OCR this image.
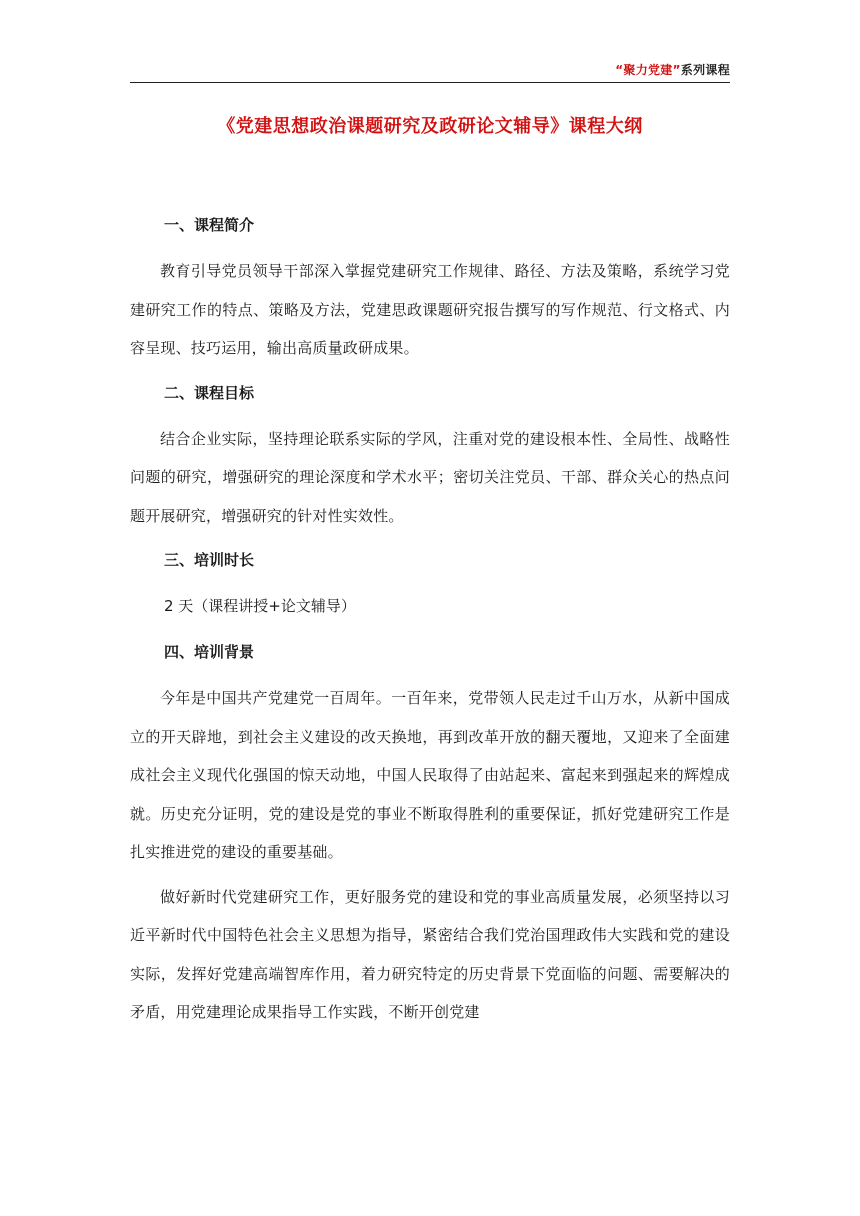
“聚力党建”系列课程
《党建思想政治课题研究及政研论文辅导》课程大纲
一、课程简介

教育引导党员领导干部深入掌握党建研究工作规律、路径、方法及策略，系统学习党建研究工作的特点、策略及方法，党建思政课题研究报告撰写的写作规范、行文格式、内容呈现、技巧运用，输出高质量政研成果。

二、课程目标

结合企业实际，坚持理论联系实际的学风，注重对党的建设根本性、全局性、战略性问题的研究，增强研究的理论深度和学术水平；密切关注党员、干部、群众关心的热点问题开展研究，增强研究的针对性实效性。

三、培训时长
2 天（课程讲授+论文辅导）
四、培训背景

今年是中国共产党建党一百周年。一百年来，党带领人民走过千山万水，从新中国成立的开天辟地，到社会主义建设的改天换地，再到改革开放的翻天覆地，又迎来了全面建成社会主义现代化强国的惊天动地，中国人民取得了由站起来、富起来到强起来的辉煌成就。历史充分证明，党的建设是党的事业不断取得胜利的重要保证，抓好党建研究工作是扎实推进党的建设的重要基础。

做好新时代党建研究工作，更好服务党的建设和党的事业高质量发展，必须坚持以习近平新时代中国特色社会主义思想为指导，紧密结合我们党治国理政伟大实践和党的建设实际，发挥好党建高端智库作用，着力研究特定的历史背景下党面临的问题、需要解决的矛盾，用党建理论成果指导工作实践，不断开创党建
